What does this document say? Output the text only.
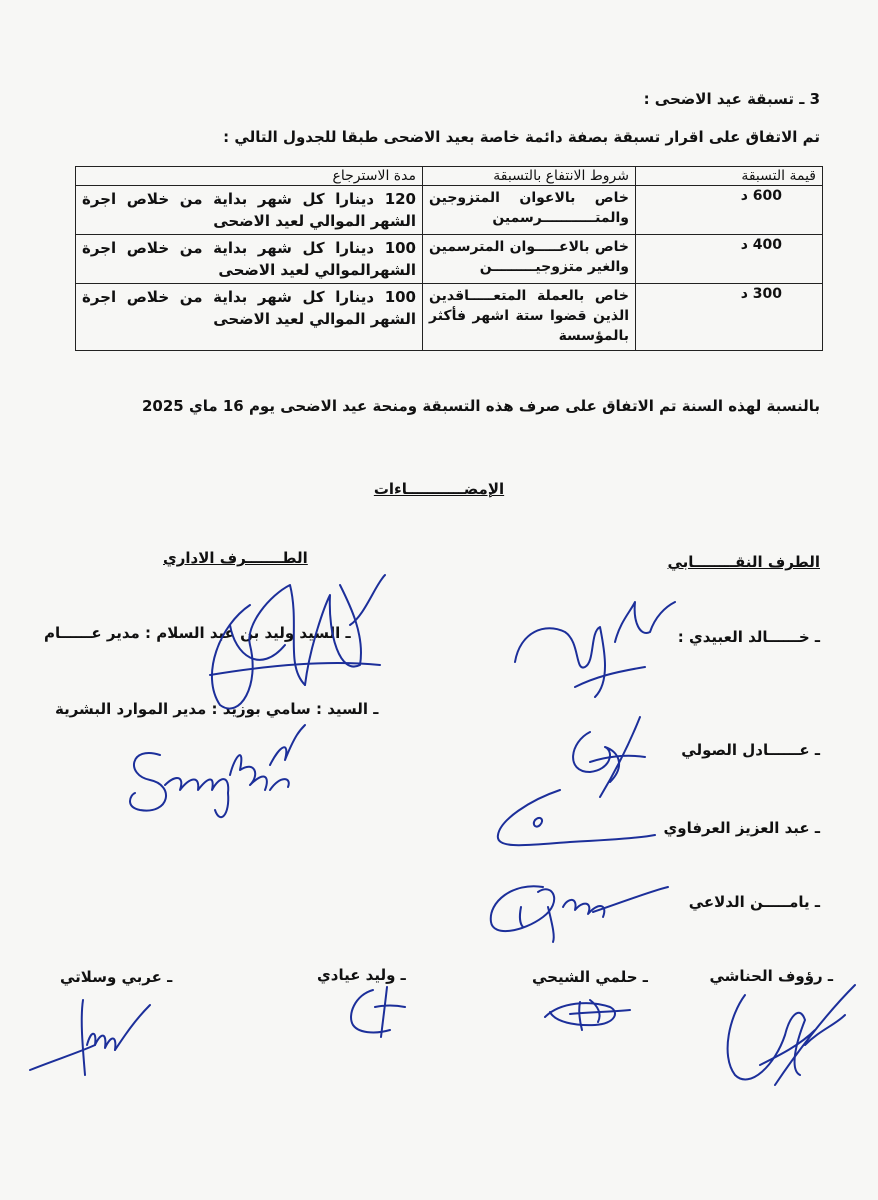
3 ـ تسبقة عيد الاضحى :
تم الاتفاق على اقرار تسبقة بصفة دائمة خاصة بعيد الاضحى طبقا للجدول التالي :
قيمة التسبقة	شروط الانتفاع بالتسبقة	مدة الاسترجاع
600 د	خاص بالاعوان المتزوجين والمتـــــــــــرسمين	120 دينارا كل شهر بداية من خلاص اجرة الشهر الموالي لعيد الاضحى
400 د	خاص بالاعـــــوان المترسمين والغير متزوجيـــــــــن	100 دينارا كل شهر بداية من خلاص اجرة الشهرالموالي لعيد الاضحى
300 د	خاص بالعملة المتعـــــاقدين الذين قضوا ستة اشهر فأكثر بالمؤسسة	100 دينارا كل شهر بداية من خلاص اجرة الشهر الموالي لعيد الاضحى
بالنسبة لهذه السنة تم الاتفاق على صرف هذه التسبقة ومنحة عيد الاضحى يوم 16 ماي 2025
الإمضـــــــــــاءات
الطرف النقــــــــابي
الطـــــــرف الاداري
ـ خــــــالد العبيدي :
ـ عــــــادل الصولي
ـ عبد العزيز العرفاوي
ـ يامـــــن الدلاعي
ـ السيد وليد بن عبد السلام : مدير عــــــام
ـ السيد : سامي بوزيد : مدير الموارد البشرية
ـ رؤوف الحناشي
ـ حلمي الشيحي
ـ وليد عيادي
ـ عربي وسلاتي
